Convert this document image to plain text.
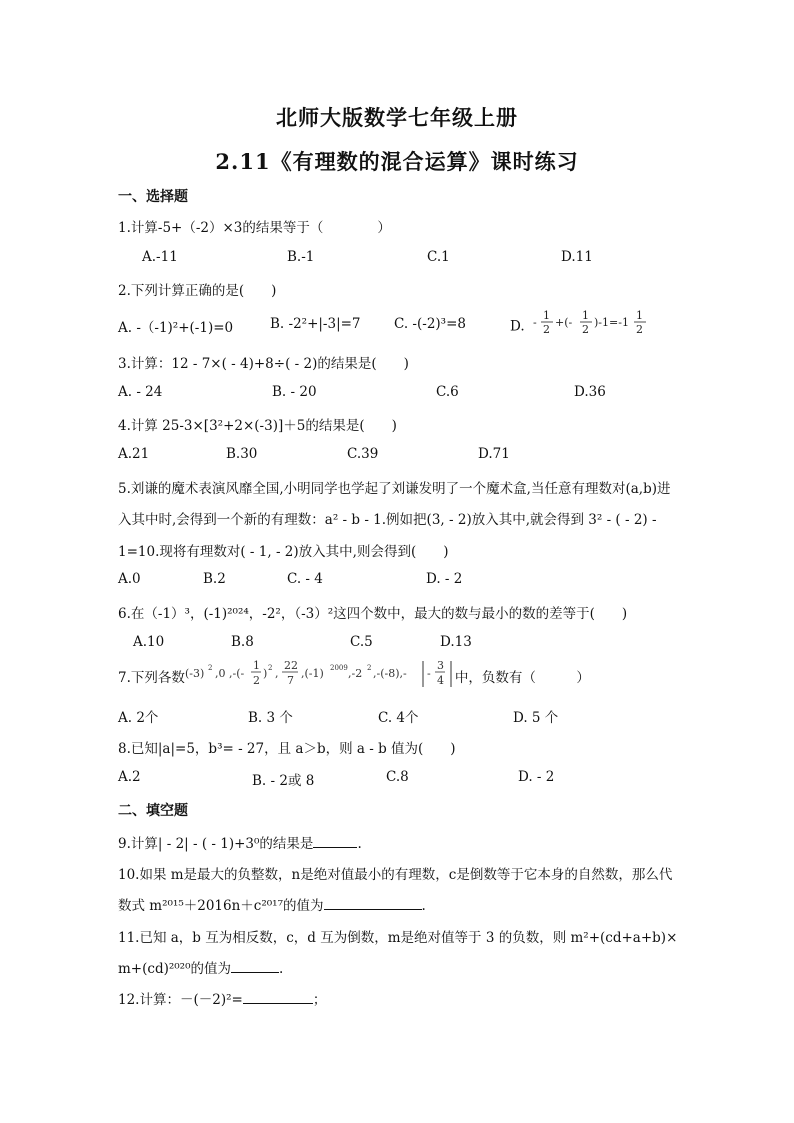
北师大版数学七年级上册
2.11《有理数的混合运算》课时练习
一、选择题
1.计算-5+（-2）×3的结果等于（　　　　）
A.-11	B.-1	C.1	D.11
2.下列计算正确的是(　　)
A. -（-1)²+(-1)=0	B. -2²+|-3|=7 C. -(-2)³=8	D. -
1
2
+(-
1
2
)-1=-1
1
2
3.计算：12 - 7×( - 4)+8÷( - 2)的结果是(　　)
A. - 24	B. - 20	C.6	D.36
4.计算 25-3×[3²+2×(-3)]＋5的结果是(　　)
A.21	B.30	C.39	D.71
5.刘谦的魔术表演风靡全国,小明同学也学起了刘谦发明了一个魔术盒,当任意有理数对(a,b)进
入其中时,会得到一个新的有理数：a² - b - 1.例如把(3, - 2)放入其中,就会得到 3² - ( - 2) -
1=10.现将有理数对( - 1, - 2)放入其中,则会得到(　　)
A.0	B.2	C. - 4	D. - 2
6.在（-1）³，(-1)²⁰²⁴，-2²，（-3）²这四个数中，最大的数与最小的数的差等于(　　)
A.10	B.8	C.5	D.13
7.下列各数 (-3) 2 ,0 ,-(-
1
2
) 2 ,
22
7
,(-1) 2009 ,-2 2 ,-(-8),- -
3
4 中，负数有（　　　）
A. 2个	B. 3 个	C. 4个	D. 5 个
8.已知|a|=5，b³= - 27，且 a＞b，则 a - b 值为(　　)
A.2	B. - 2或 8	C.8	D. - 2
二、填空题
9.计算| - 2| - ( - 1)+3⁰的结果是	.
10.如果 m是最大的负整数，n是绝对值最小的有理数，c是倒数等于它本身的自然数，那么代
数式 m²⁰¹⁵＋2016n＋c²⁰¹⁷的值为	.
11.已知 a，b 互为相反数，c，d 互为倒数，m是绝对值等于 3 的负数，则 m²+(cd+a+b)×
m+(cd)²⁰²⁰的值为	.
12.计算：－(－2)²=	；
